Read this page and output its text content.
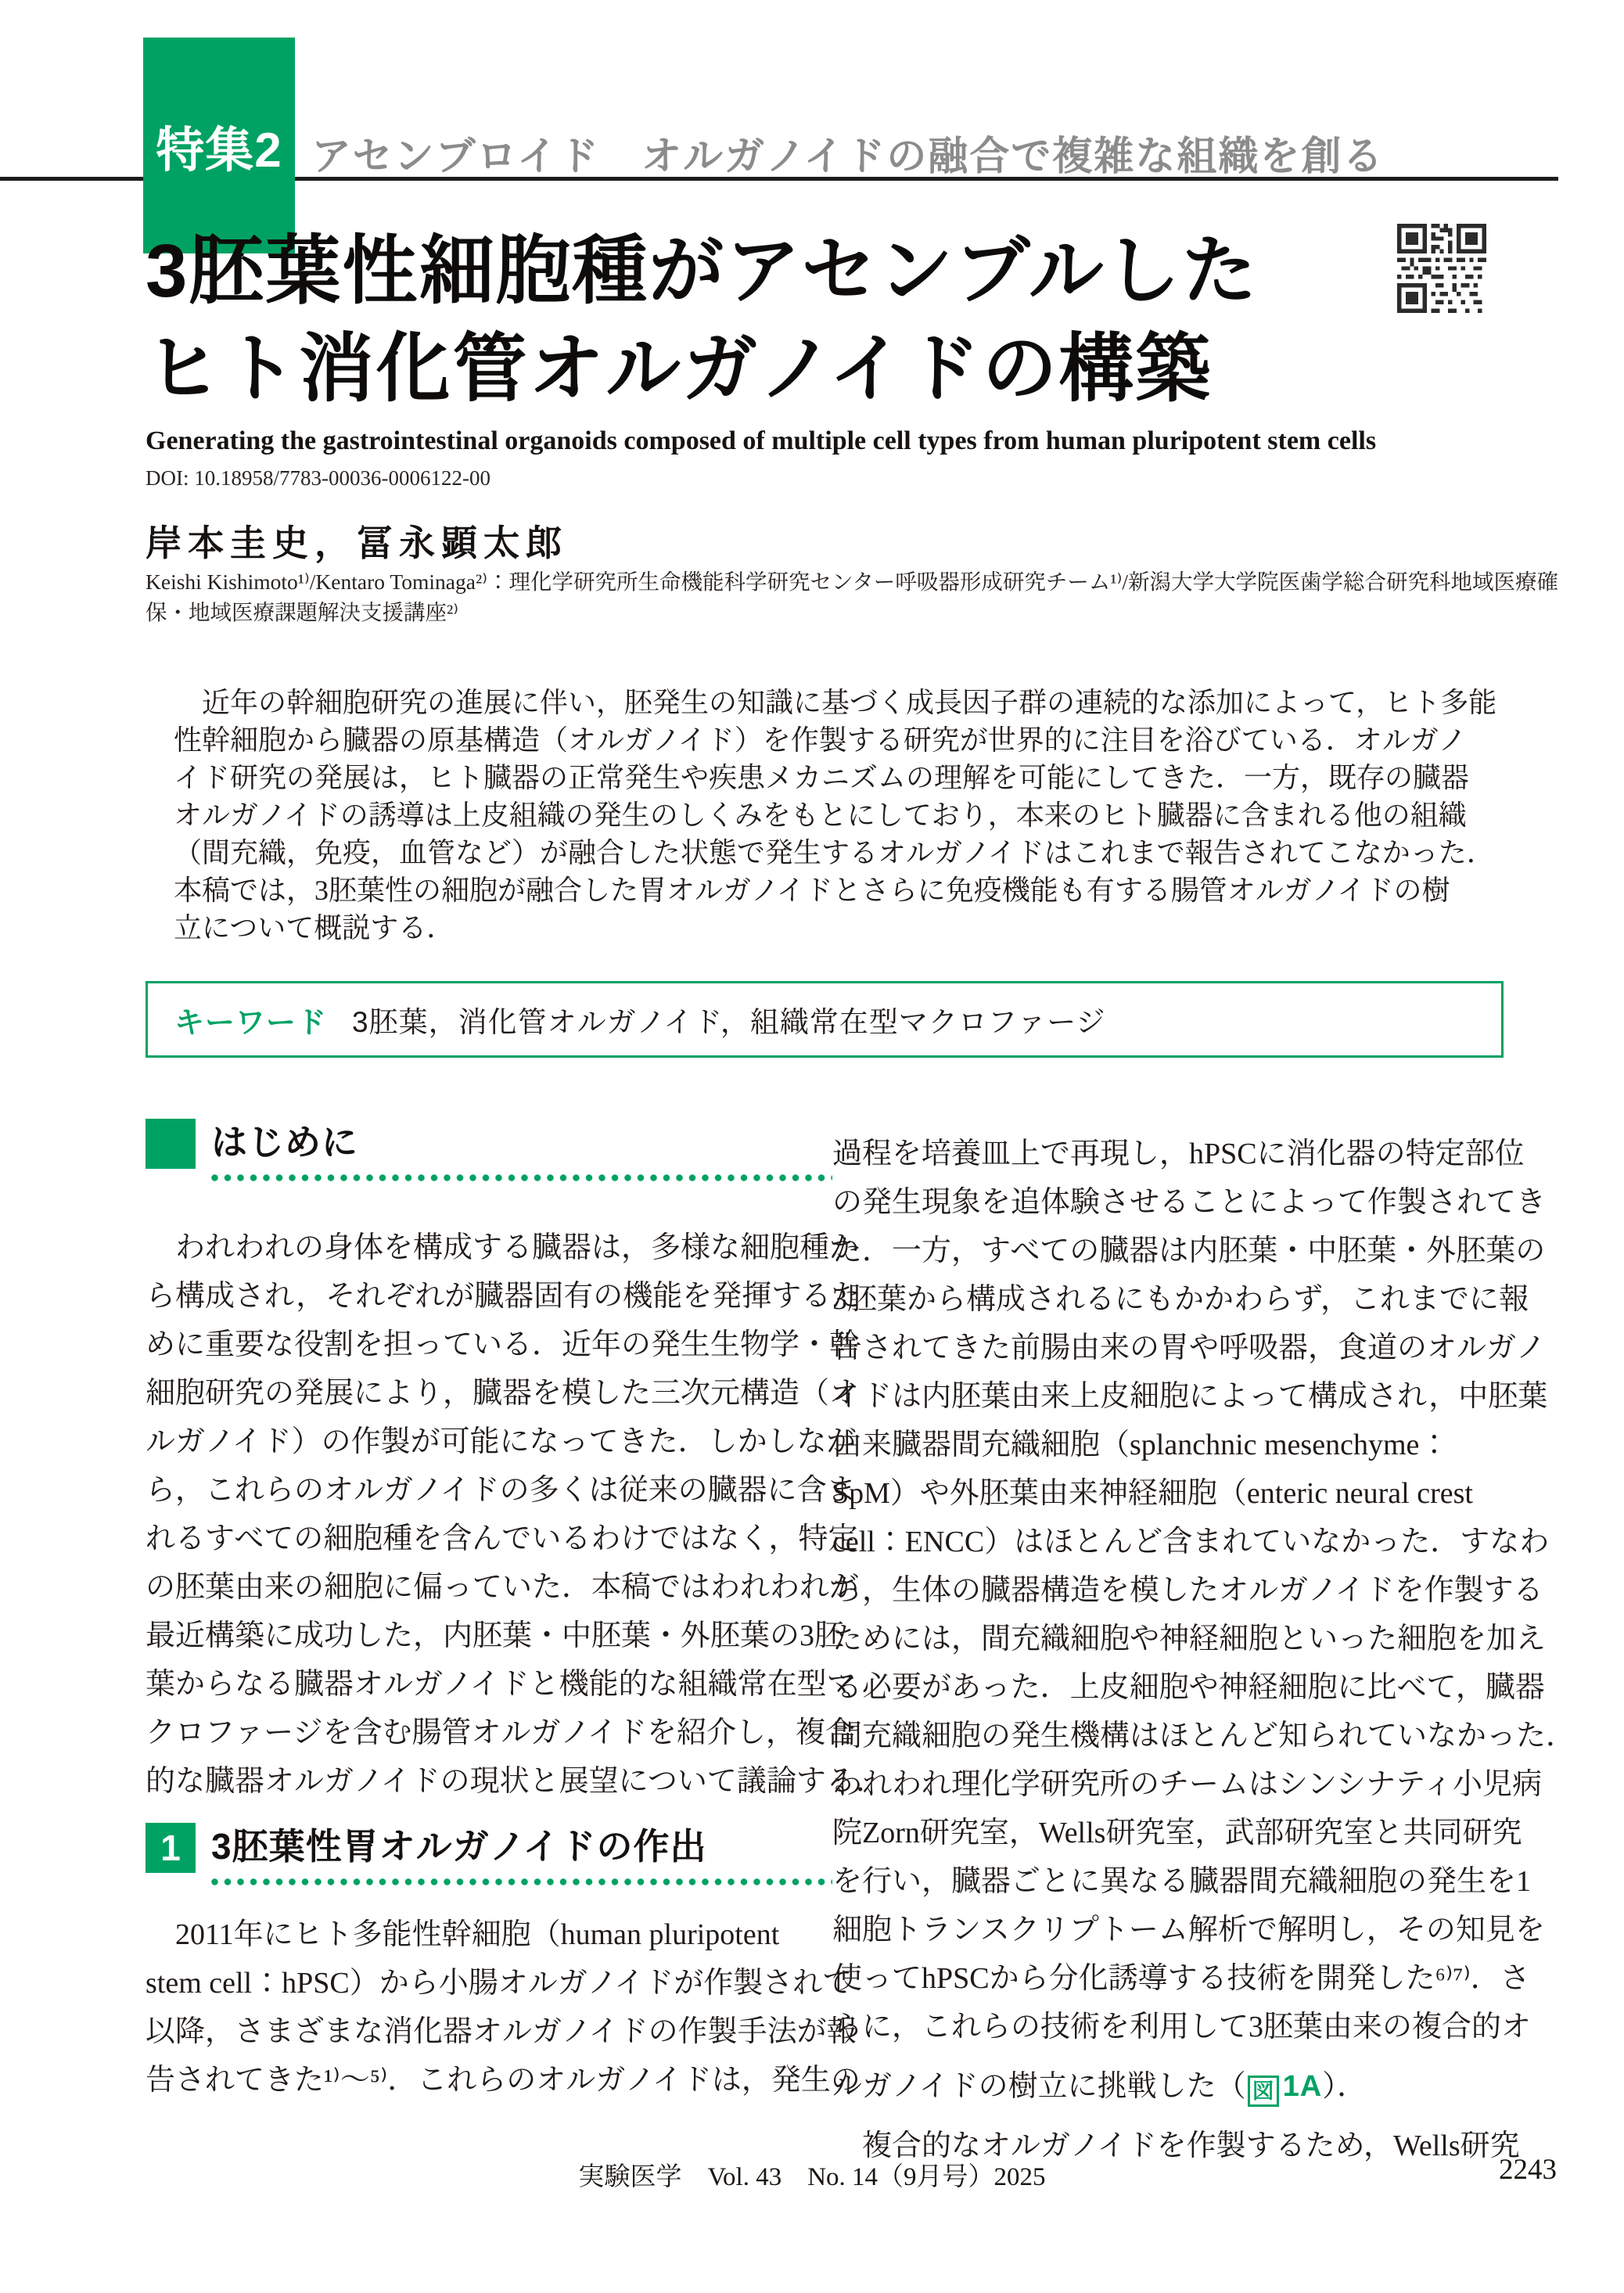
特集2 アセンブロイド　オルガノイドの融合で複雑な組織を創る
3胚葉性細胞種がアセンブルした
ヒト消化管オルガノイドの構築
Generating the gastrointestinal organoids composed of multiple cell types from human pluripotent stem cells
DOI: 10.18958/7783-00036-0006122-00
岸本圭史，冨永顕太郎
Keishi Kishimoto¹⁾/Kentaro Tominaga²⁾：理化学研究所生命機能科学研究センター呼吸器形成研究チーム¹⁾/新潟大学大学院医歯学総合研究科地域医療確保・地域医療課題解決支援講座²⁾
　近年の幹細胞研究の進展に伴い，胚発生の知識に基づく成長因子群の連続的な添加によって，ヒト多能
性幹細胞から臓器の原基構造（オルガノイド）を作製する研究が世界的に注目を浴びている．オルガノ
イド研究の発展は，ヒト臓器の正常発生や疾患メカニズムの理解を可能にしてきた．一方，既存の臓器
オルガノイドの誘導は上皮組織の発生のしくみをもとにしており，本来のヒト臓器に含まれる他の組織
（間充織，免疫，血管など）が融合した状態で発生するオルガノイドはこれまで報告されてこなかった．
本稿では，3胚葉性の細胞が融合した胃オルガノイドとさらに免疫機能も有する腸管オルガノイドの樹
立について概説する．
キーワード 3胚葉，消化管オルガノイド，組織常在型マクロファージ
はじめに
　われわれの身体を構成する臓器は，多様な細胞種か
ら構成され，それぞれが臓器固有の機能を発揮するた
めに重要な役割を担っている．近年の発生生物学・幹
細胞研究の発展により，臓器を模した三次元構造（オ
ルガノイド）の作製が可能になってきた．しかしなが
ら，これらのオルガノイドの多くは従来の臓器に含ま
れるすべての細胞種を含んでいるわけではなく，特定
の胚葉由来の細胞に偏っていた．本稿ではわれわれが
最近構築に成功した，内胚葉・中胚葉・外胚葉の3胚
葉からなる臓器オルガノイドと機能的な組織常在型マ
クロファージを含む腸管オルガノイドを紹介し，複合
的な臓器オルガノイドの現状と展望について議論する．
1 3胚葉性胃オルガノイドの作出
　2011年にヒト多能性幹細胞（human pluripotent
stem cell：hPSC）から小腸オルガノイドが作製されて
以降，さまざまな消化器オルガノイドの作製手法が報
告されてきた¹⁾～⁵⁾．これらのオルガノイドは，発生の
過程を培養皿上で再現し，hPSCに消化器の特定部位
の発生現象を追体験させることによって作製されてき
た．一方，すべての臓器は内胚葉・中胚葉・外胚葉の
3胚葉から構成されるにもかかわらず，これまでに報
告されてきた前腸由来の胃や呼吸器，食道のオルガノ
イドは内胚葉由来上皮細胞によって構成され，中胚葉
由来臓器間充織細胞（splanchnic mesenchyme：
SpM）や外胚葉由来神経細胞（enteric neural crest
cell：ENCC）はほとんど含まれていなかった．すなわ
ち，生体の臓器構造を模したオルガノイドを作製する
ためには，間充織細胞や神経細胞といった細胞を加え
る必要があった．上皮細胞や神経細胞に比べて，臓器
間充織細胞の発生機構はほとんど知られていなかった．
われわれ理化学研究所のチームはシンシナティ小児病
院Zorn研究室，Wells研究室，武部研究室と共同研究
を行い，臓器ごとに異なる臓器間充織細胞の発生を1
細胞トランスクリプトーム解析で解明し，その知見を
使ってhPSCから分化誘導する技術を開発した⁶⁾⁷⁾．さ
らに，これらの技術を利用して3胚葉由来の複合的オ
ルガノイドの樹立に挑戦した（ 図 1A）．
　複合的なオルガノイドを作製するため，Wells研究
実験医学　Vol. 43　No. 14（9月号）2025	2243
